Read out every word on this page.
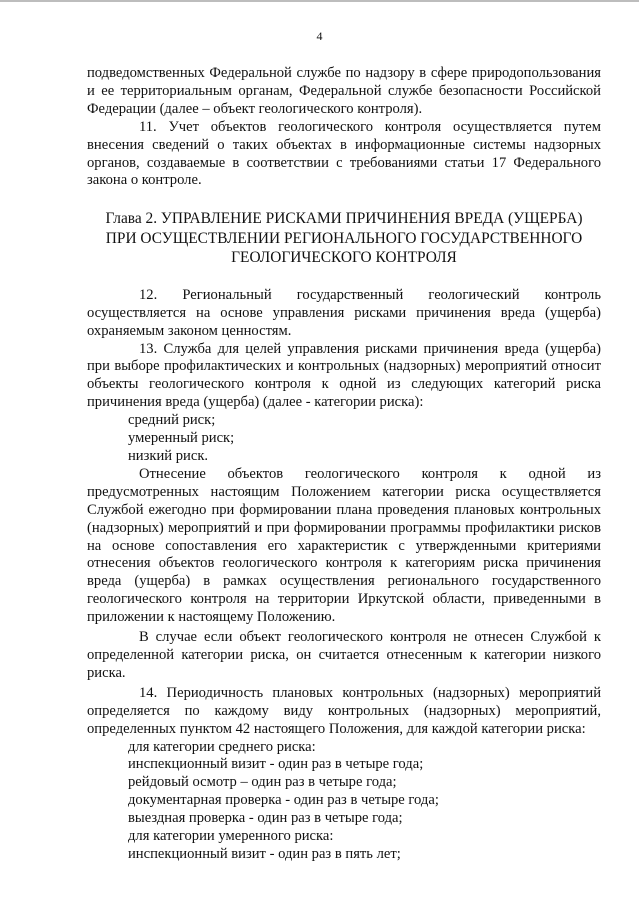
4

подведомственных Федеральной службе по надзору в сфере природопользования и ее территориальным органам, Федеральной службе безопасности Российской Федерации (далее – объект геологического контроля).

11. Учет объектов геологического контроля осуществляется путем внесения сведений о таких объектах в информационные системы надзорных органов, создаваемые в соответствии с требованиями статьи 17 Федерального закона о контроле.

Глава 2. УПРАВЛЕНИЕ РИСКАМИ ПРИЧИНЕНИЯ ВРЕДА (УЩЕРБА)
ПРИ ОСУЩЕСТВЛЕНИИ РЕГИОНАЛЬНОГО ГОСУДАРСТВЕННОГО
ГЕОЛОГИЧЕСКОГО КОНТРОЛЯ

12. Региональный государственный геологический контроль осуществляется на основе управления рисками причинения вреда (ущерба) охраняемым законом ценностям.

13. Служба для целей управления рисками причинения вреда (ущерба) при выборе профилактических и контрольных (надзорных) мероприятий относит объекты геологического контроля к одной из следующих категорий риска причинения вреда (ущерба) (далее - категории риска):

средний риск;

умеренный риск;

низкий риск.

Отнесение объектов геологического контроля к одной из предусмотренных настоящим Положением категории риска осуществляется Службой ежегодно при формировании плана проведения плановых контрольных (надзорных) мероприятий и при формировании программы профилактики рисков на основе сопоставления его характеристик с утвержденными критериями отнесения объектов геологического контроля к категориям риска причинения вреда (ущерба) в рамках осуществления регионального государственного геологического контроля на территории Иркутской области, приведенными в приложении к настоящему Положению.

В случае если объект геологического контроля не отнесен Службой к определенной категории риска, он считается отнесенным к категории низкого риска.

14. Периодичность плановых контрольных (надзорных) мероприятий определяется по каждому виду контрольных (надзорных) мероприятий, определенных пунктом 42 настоящего Положения, для каждой категории риска:

для категории среднего риска:

инспекционный визит - один раз в четыре года;

рейдовый осмотр – один раз в четыре года;

документарная проверка - один раз в четыре года;

выездная проверка - один раз в четыре года;

для категории умеренного риска:

инспекционный визит - один раз в пять лет;
